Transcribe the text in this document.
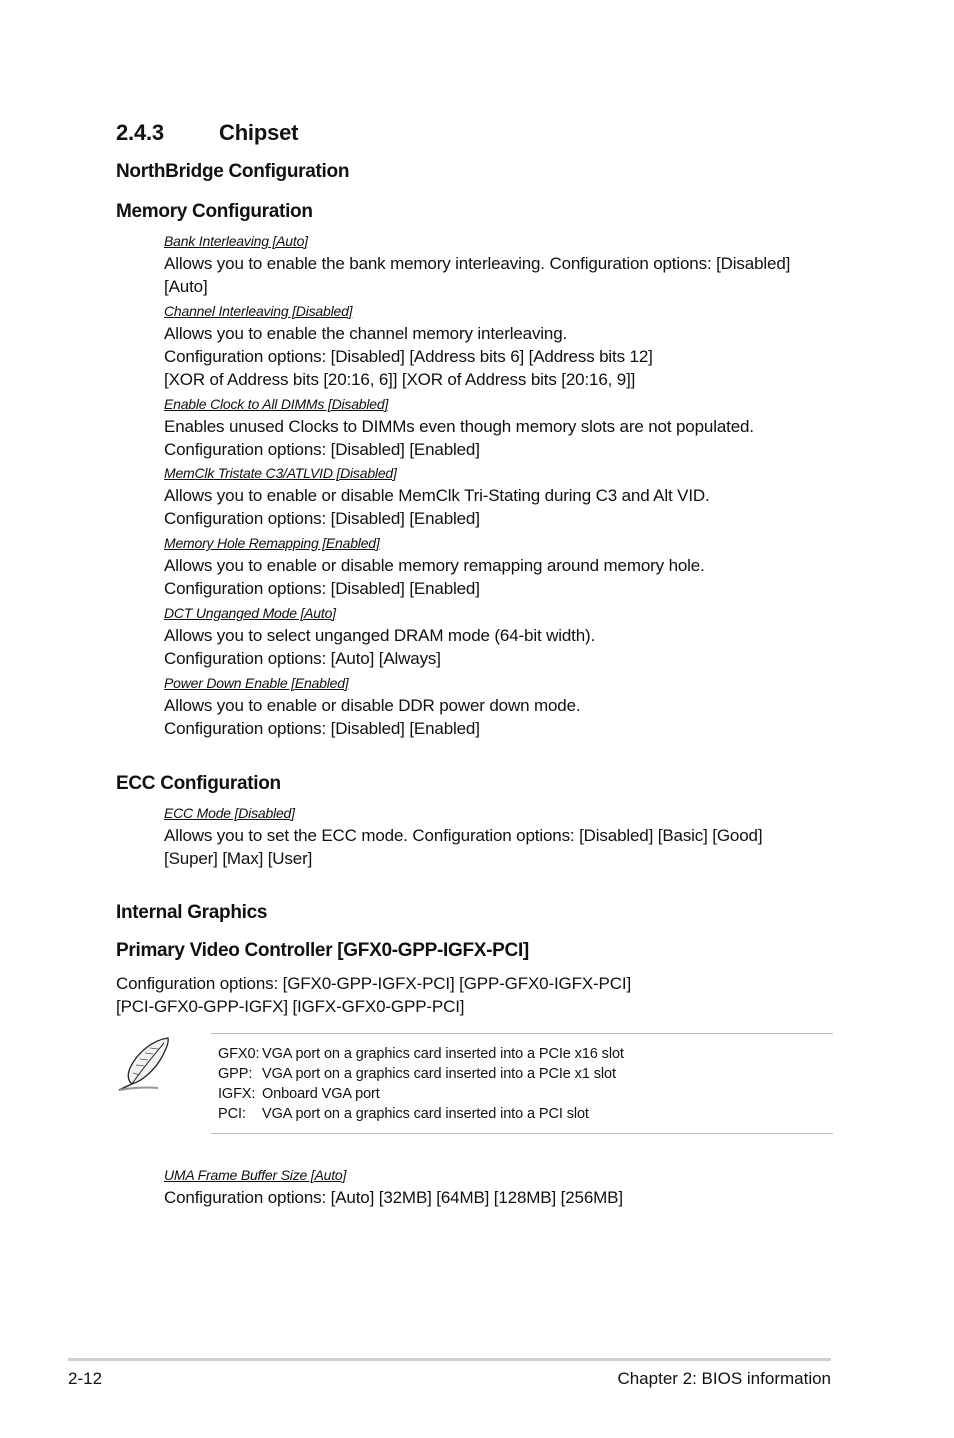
2.4.3	Chipset
NorthBridge Configuration
Memory Configuration
Bank Interleaving [Auto]
Allows you to enable the bank memory interleaving. Configuration options: [Disabled]
[Auto]
Channel Interleaving [Disabled]
Allows you to enable the channel memory interleaving.
Configuration options: [Disabled] [Address bits 6] [Address bits 12]
[XOR of Address bits [20:16, 6]] [XOR of Address bits [20:16, 9]]
Enable Clock to All DIMMs [Disabled]
Enables unused Clocks to DIMMs even though memory slots are not populated.
Configuration options: [Disabled] [Enabled]
MemClk Tristate C3/ATLVID [Disabled]
Allows you to enable or disable MemClk Tri-Stating during C3 and Alt VID.
Configuration options: [Disabled] [Enabled]
Memory Hole Remapping [Enabled]
Allows you to enable or disable memory remapping around memory hole.
Configuration options: [Disabled] [Enabled]
DCT Unganged Mode [Auto]
Allows you to select unganged DRAM mode (64-bit width).
Configuration options: [Auto] [Always]
Power Down Enable [Enabled]
Allows you to enable or disable DDR power down mode.
Configuration options: [Disabled] [Enabled]
ECC Configuration
ECC Mode [Disabled]
Allows you to set the ECC mode. Configuration options: [Disabled] [Basic] [Good]
[Super] [Max] [User]
Internal Graphics
Primary Video Controller [GFX0-GPP-IGFX-PCI]
Configuration options: [GFX0-GPP-IGFX-PCI] [GPP-GFX0-IGFX-PCI]
[PCI-GFX0-GPP-IGFX] [IGFX-GFX0-GPP-PCI]
GFX0: VGA port on a graphics card inserted into a PCIe x16 slot
GPP: VGA port on a graphics card inserted into a PCIe x1 slot
IGFX: Onboard VGA port
PCI: VGA port on a graphics card inserted into a PCI slot
UMA Frame Buffer Size [Auto]
Configuration options: [Auto] [32MB] [64MB] [128MB] [256MB]
2-12	Chapter 2: BIOS information
